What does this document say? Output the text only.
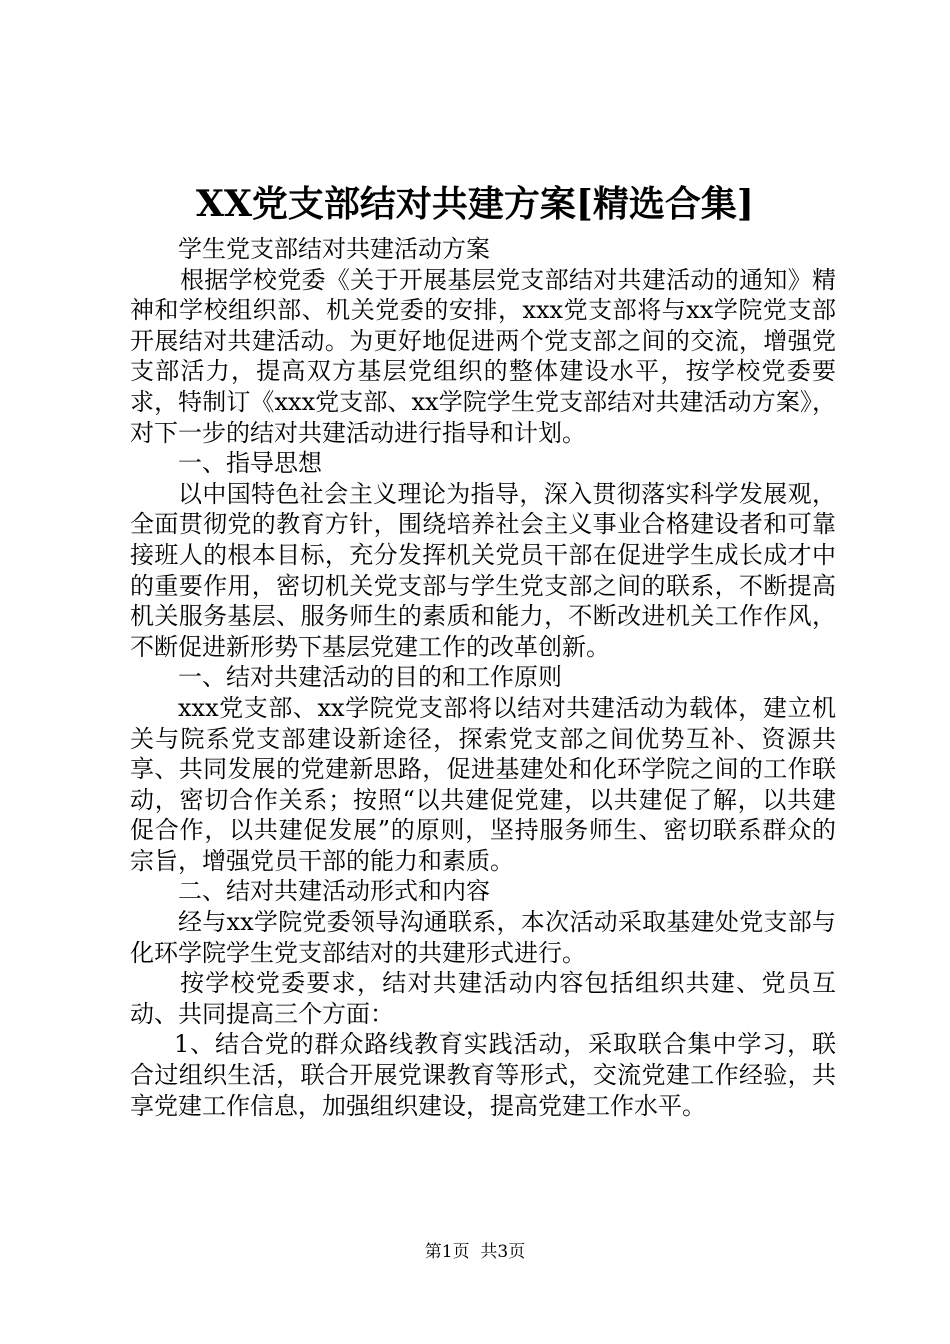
XX党支部结对共建方案[精选合集]

学生党支部结对共建活动方案

根据学校党委《关于开展基层党支部结对共建活动的通知》精神和学校组织部、机关党委的安排，xxx党支部将与xx学院党支部开展结对共建活动。为更好地促进两个党支部之间的交流，增强党支部活力，提高双方基层党组织的整体建设水平，按学校党委要求，特制订《xxx党支部、xx学院学生党支部结对共建活动方案》，对下一步的结对共建活动进行指导和计划。

一、指导思想

以中国特色社会主义理论为指导，深入贯彻落实科学发展观，全面贯彻党的教育方针，围绕培养社会主义事业合格建设者和可靠接班人的根本目标，充分发挥机关党员干部在促进学生成长成才中的重要作用，密切机关党支部与学生党支部之间的联系，不断提高机关服务基层、服务师生的素质和能力，不断改进机关工作作风，不断促进新形势下基层党建工作的改革创新。

一、结对共建活动的目的和工作原则

xxx党支部、xx学院党支部将以结对共建活动为载体，建立机关与院系党支部建设新途径，探索党支部之间优势互补、资源共享、共同发展的党建新思路，促进基建处和化环学院之间的工作联动，密切合作关系；按照“以共建促党建，以共建促了解，以共建促合作，以共建促发展”的原则，坚持服务师生、密切联系群众的宗旨，增强党员干部的能力和素质。

二、结对共建活动形式和内容

经与xx学院党委领导沟通联系，本次活动采取基建处党支部与化环学院学生党支部结对的共建形式进行。

按学校党委要求，结对共建活动内容包括组织共建、党员互动、共同提高三个方面：

1、结合党的群众路线教育实践活动，采取联合集中学习，联合过组织生活，联合开展党课教育等形式，交流党建工作经验，共享党建工作信息，加强组织建设，提高党建工作水平。

第1页  共3页
